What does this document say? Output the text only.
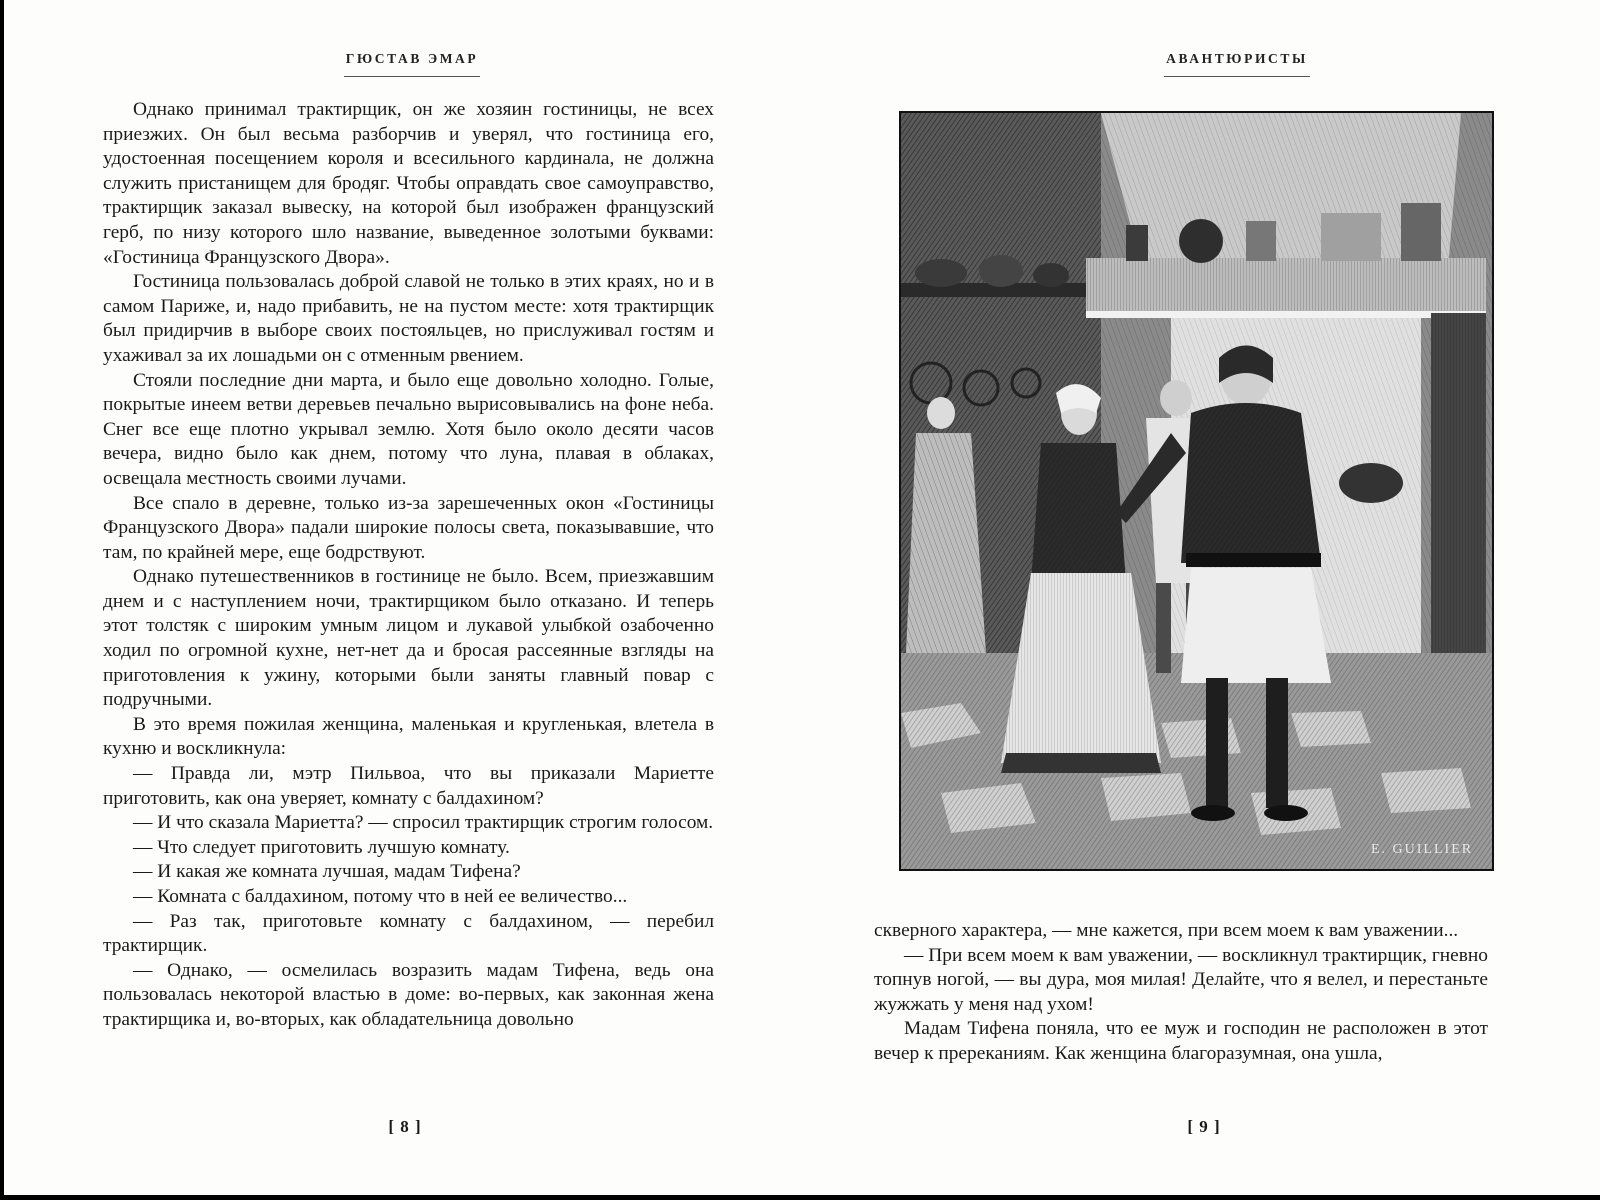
ГЮСТАВ ЭМАР

Однако принимал трактирщик, он же хозяин гостиницы, не всех приезжих. Он был весьма разборчив и уверял, что гостиница его, удостоенная посещением короля и всесильного кардинала, не должна служить пристанищем для бродяг. Чтобы оправдать свое самоуправство, трактирщик заказал вывеску, на которой был изображен французский герб, по низу которого шло название, выведенное золотыми буквами: «Гостиница Французского Двора».

Гостиница пользовалась доброй славой не только в этих краях, но и в самом Париже, и, надо прибавить, не на пустом месте: хотя трактирщик был придирчив в выборе своих постояльцев, но прислуживал гостям и ухаживал за их лошадьми он с отменным рвением.

Стояли последние дни марта, и было еще довольно холодно. Голые, покрытые инеем ветви деревьев печально вырисовывались на фоне неба. Снег все еще плотно укрывал землю. Хотя было около десяти часов вечера, видно было как днем, потому что луна, плавая в облаках, освещала местность своими лучами.

Все спало в деревне, только из-за зарешеченных окон «Гостиницы Французского Двора» падали широкие полосы света, показывавшие, что там, по крайней мере, еще бодрствуют.

Однако путешественников в гостинице не было. Всем, приезжавшим днем и с наступлением ночи, трактирщиком было отказано. И теперь этот толстяк с широким умным лицом и лукавой улыбкой озабоченно ходил по огромной кухне, нет-нет да и бросая рассеянные взгляды на приготовления к ужину, которыми были заняты главный повар с подручными.

В это время пожилая женщина, маленькая и кругленькая, влетела в кухню и воскликнула:

— Правда ли, мэтр Пильвоа, что вы приказали Мариетте приготовить, как она уверяет, комнату с балдахином?

— И что сказала Мариетта? — спросил трактирщик строгим голосом.

— Что следует приготовить лучшую комнату.

— И какая же комната лучшая, мадам Тифена?

— Комната с балдахином, потому что в ней ее величество...

— Раз так, приготовьте комнату с балдахином, — перебил трактирщик.

— Однако, — осмелилась возразить мадам Тифена, ведь она пользовалась некоторой властью в доме: во-первых, как законная жена трактирщика и, во-вторых, как обладательница довольно

[ 8 ]
АВАНТЮРИСТЫ
E. GUILLIER

скверного характера, — мне кажется, при всем моем к вам уважении...

— При всем моем к вам уважении, — воскликнул трактирщик, гневно топнув ногой, — вы дура, моя милая! Делайте, что я велел, и перестаньте жужжать у меня над ухом!

Мадам Тифена поняла, что ее муж и господин не расположен в этот вечер к пререканиям. Как женщина благоразумная, она ушла,

[ 9 ]
